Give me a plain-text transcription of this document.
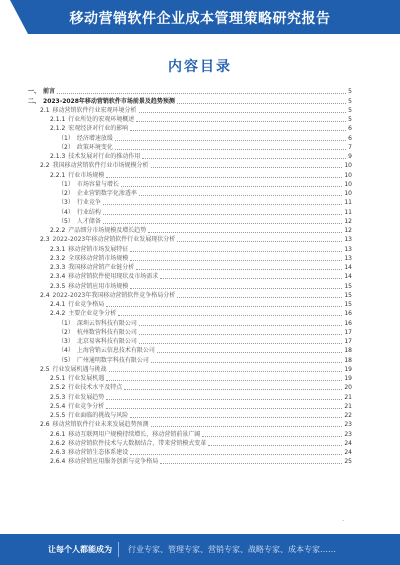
移动营销软件企业成本管理策略研究报告
内容目录
一、 前言	5
二、 2023-2028年移动营销软件市场前景及趋势预测	5
2.1 移动营销软件行业宏观环境分析	5
2.1.1 行业所处的宏观环境概述	5
2.1.2 宏观经济对行业的影响	6
（1） 经济增速放缓	6
（2） 政策环境变化	7
2.1.3 技术发展对行业的推动作用	9
2.2 我国移动营销软件行业市场规模分析	10
2.2.1 行业市场规模	10
（1） 市场容量与增长	10
（2） 企业营销数字化渗透率	10
（3） 行业竞争	11
（4） 行业结构	11
（5） 人才储备	12
2.2.2 产品细分市场规模及增长趋势	12
2.3 2022-2023年移动营销软件行业发展现状分析	13
2.3.1 移动营销市场发展特征	13
2.3.2 全球移动营销市场规模	13
2.3.3 我国移动营销产业链分析	14
2.3.4 移动营销软件使用现状及市场需求	14
2.3.5 移动营销应用市场规模	15
2.4 2022-2023年我国移动营销软件竞争格局分析	15
2.4.1 行业竞争格局	15
2.4.2 主要企业竞争分析	16
（1） 深圳云智科技有限公司	16
（2） 杭州数营科技有限公司	17
（3） 北京易客科技有限公司	17
（4） 上海营销云信息技术有限公司	18
（5） 广州通明数字科技有限公司	18
2.5 行业发展机遇与挑战	19
2.5.1 行业发展机遇	19
2.5.2 行业技术水平及特点	20
2.5.3 行业发展趋势	21
2.5.4 行业竞争分析	21
2.5.5 行业面临的挑战与风险	22
2.6 移动营销软件行业未来发展趋势预测	23
2.6.1 移动互联网用户规模持续增长，移动营销前景广阔	23
2.6.2 移动营销软件技术与大数据结合，带来营销模式变革	24
2.6.3 移动营销生态体系建设	24
2.6.4 移动营销应用服务创新与竞争格局	25
·
让每个人都能成为 行业专家、管理专家、营销专家、战略专家、成本专家……
